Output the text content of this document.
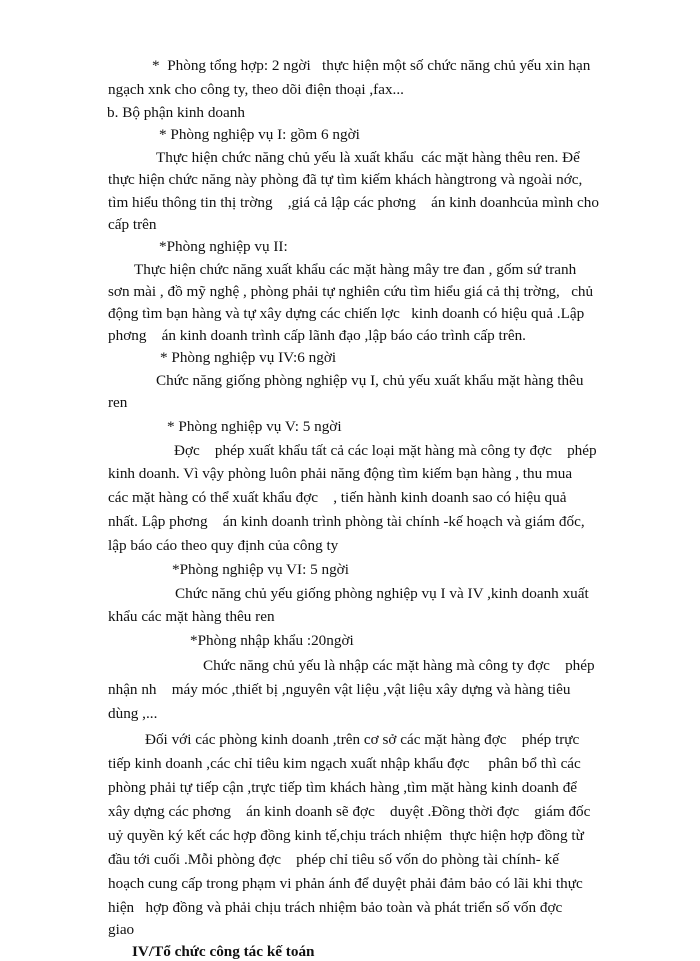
*  Phòng tổng hợp: 2 ngời   thực hiện một số chức năng chủ yếu xin hạn
ngạch xnk cho công ty, theo dõi điện thoại ,fax...
b. Bộ phận kinh doanh
* Phòng nghiệp vụ I: gồm 6 ngời
Thực hiện chức năng chủ yếu là xuất khẩu  các mặt hàng thêu ren. Để
thực hiện chức năng này phòng đã tự tìm kiếm khách hàngtrong và ngoài nớc,
tìm hiểu thông tin thị trờng    ,giá cả lập các phơng    án kinh doanhcủa mình cho
cấp trên
*Phòng nghiệp vụ II:
Thực hiện chức năng xuất khẩu các mặt hàng mây tre đan , gốm sứ tranh
sơn mài , đồ mỹ nghệ , phòng phải tự nghiên cứu tìm hiểu giá cả thị trờng,   chủ
động tìm bạn hàng và tự xây dựng các chiến lợc   kinh doanh có hiệu quả .Lập
phơng    án kinh doanh trình cấp lãnh đạo ,lập báo cáo trình cấp trên.
* Phòng nghiệp vụ IV:6 ngời
Chức năng giống phòng nghiệp vụ I, chủ yếu xuất khẩu mặt hàng thêu
ren
* Phòng nghiệp vụ V: 5 ngời
Đợc    phép xuất khẩu tất cả các loại mặt hàng mà công ty đợc    phép
kinh doanh. Vì vậy phòng luôn phải năng động tìm kiếm bạn hàng , thu mua
các mặt hàng có thể xuất khẩu đợc    , tiến hành kinh doanh sao có hiệu quả
nhất. Lập phơng    án kinh doanh trình phòng tài chính -kế hoạch và giám đốc,
lập báo cáo theo quy định của công ty
*Phòng nghiệp vụ VI: 5 ngời
Chức năng chủ yếu giống phòng nghiệp vụ I và IV ,kinh doanh xuất
khẩu các mặt hàng thêu ren
*Phòng nhập khẩu :20ngời
Chức năng chủ yếu là nhập các mặt hàng mà công ty đợc    phép
nhận nh    máy móc ,thiết bị ,nguyên vật liệu ,vật liệu xây dựng và hàng tiêu
dùng ,...
Đối với các phòng kinh doanh ,trên cơ sở các mặt hàng đợc    phép trực
tiếp kinh doanh ,các chỉ tiêu kim ngạch xuất nhập khẩu đợc     phân bổ thì các
phòng phải tự tiếp cận ,trực tiếp tìm khách hàng ,tìm mặt hàng kinh doanh để
xây dựng các phơng    án kinh doanh sẽ đợc    duyệt .Đồng thời đợc    giám đốc
uỷ quyền ký kết các hợp đồng kinh tế,chịu trách nhiệm  thực hiện hợp đồng từ
đầu tới cuối .Mỗi phòng đợc    phép chỉ tiêu số vốn do phòng tài chính- kế
hoạch cung cấp trong phạm vi phản ánh để duyệt phải đảm bảo có lãi khi thực
hiện   hợp đồng và phải chịu trách nhiệm bảo toàn và phát triển số vốn đợc
giao
IV/Tổ chức công tác kế toán
